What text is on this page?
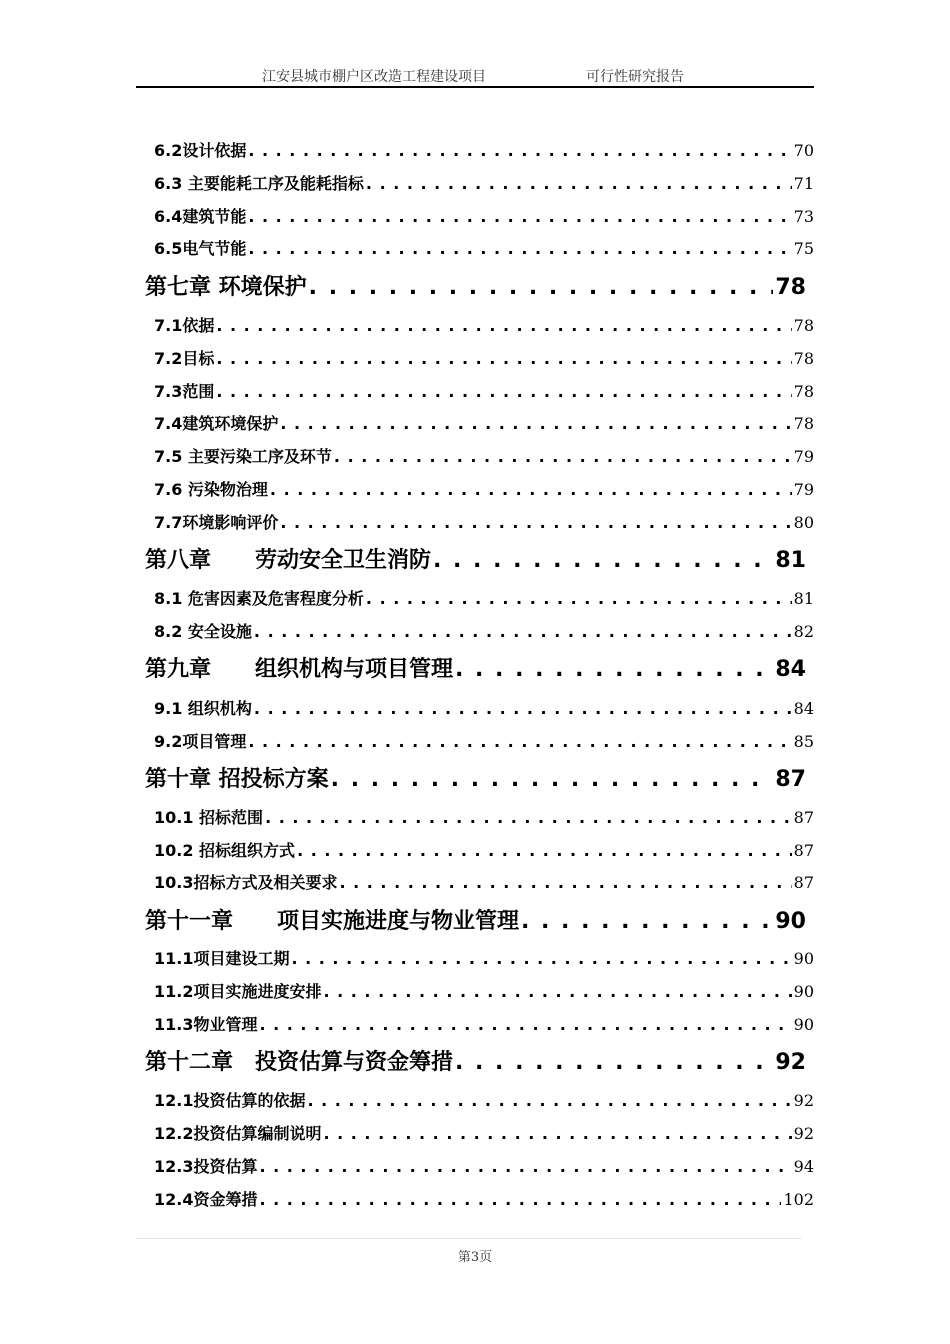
江安县城市棚户区改造工程建设项目	可行性研究报告
6.2设计依据 . . .	70
6.3 主要能耗工序及能耗指标 . . .	71
6.4建筑节能 . . .	73
6.5电气节能 . . .	75
第七章 环境保护 . . .	78
7.1依据 . . .	78
7.2目标 . . .	78
7.3范围 . . .	78
7.4建筑环境保护 . . .	78
7.5 主要污染工序及环节 . . .	79
7.6 污染物治理 . . .	79
7.7环境影响评价 . . .	80
第八章　　劳动安全卫生消防 . . .	81
8.1 危害因素及危害程度分析 . . .	81
8.2 安全设施 . . .	82
第九章　　组织机构与项目管理 . . .	84
9.1 组织机构 . . .	84
9.2项目管理 . . .	85
第十章 招投标方案 . . .	87
10.1 招标范围 . . .	87
10.2 招标组织方式 . . .	87
10.3招标方式及相关要求 . . .	87
第十一章　　项目实施进度与物业管理 . . .	90
11.1项目建设工期 . . .	90
11.2项目实施进度安排 . . .	90
11.3物业管理 . . .	90
第十二章　投资估算与资金筹措 . . .	92
12.1投资估算的依据 . . .	92
12.2投资估算编制说明 . . .	92
12.3投资估算 . . .	94
12.4资金筹措 . . .	102
第3页
